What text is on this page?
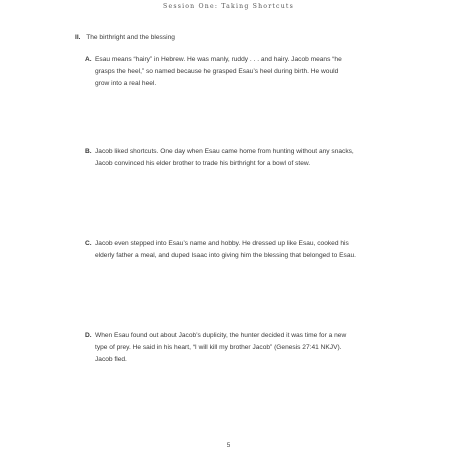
Session One: Taking Shortcuts
II. The birthright and the blessing
A. Esau means “hairy” in Hebrew. He was manly, ruddy . . . and hairy. Jacob means “he
grasps the heel,” so named because he grasped Esau’s heel during birth. He would
grow into a real heel.
B. Jacob liked shortcuts. One day when Esau came home from hunting without any snacks,
Jacob convinced his elder brother to trade his birthright for a bowl of stew.
C. Jacob even stepped into Esau’s name and hobby. He dressed up like Esau, cooked his
elderly father a meal, and duped Isaac into giving him the blessing that belonged to Esau.
D. When Esau found out about Jacob’s duplicity, the hunter decided it was time for a new
type of prey. He said in his heart, “I will kill my brother Jacob” (Genesis 27:41 NKJV).
Jacob fled.
5
